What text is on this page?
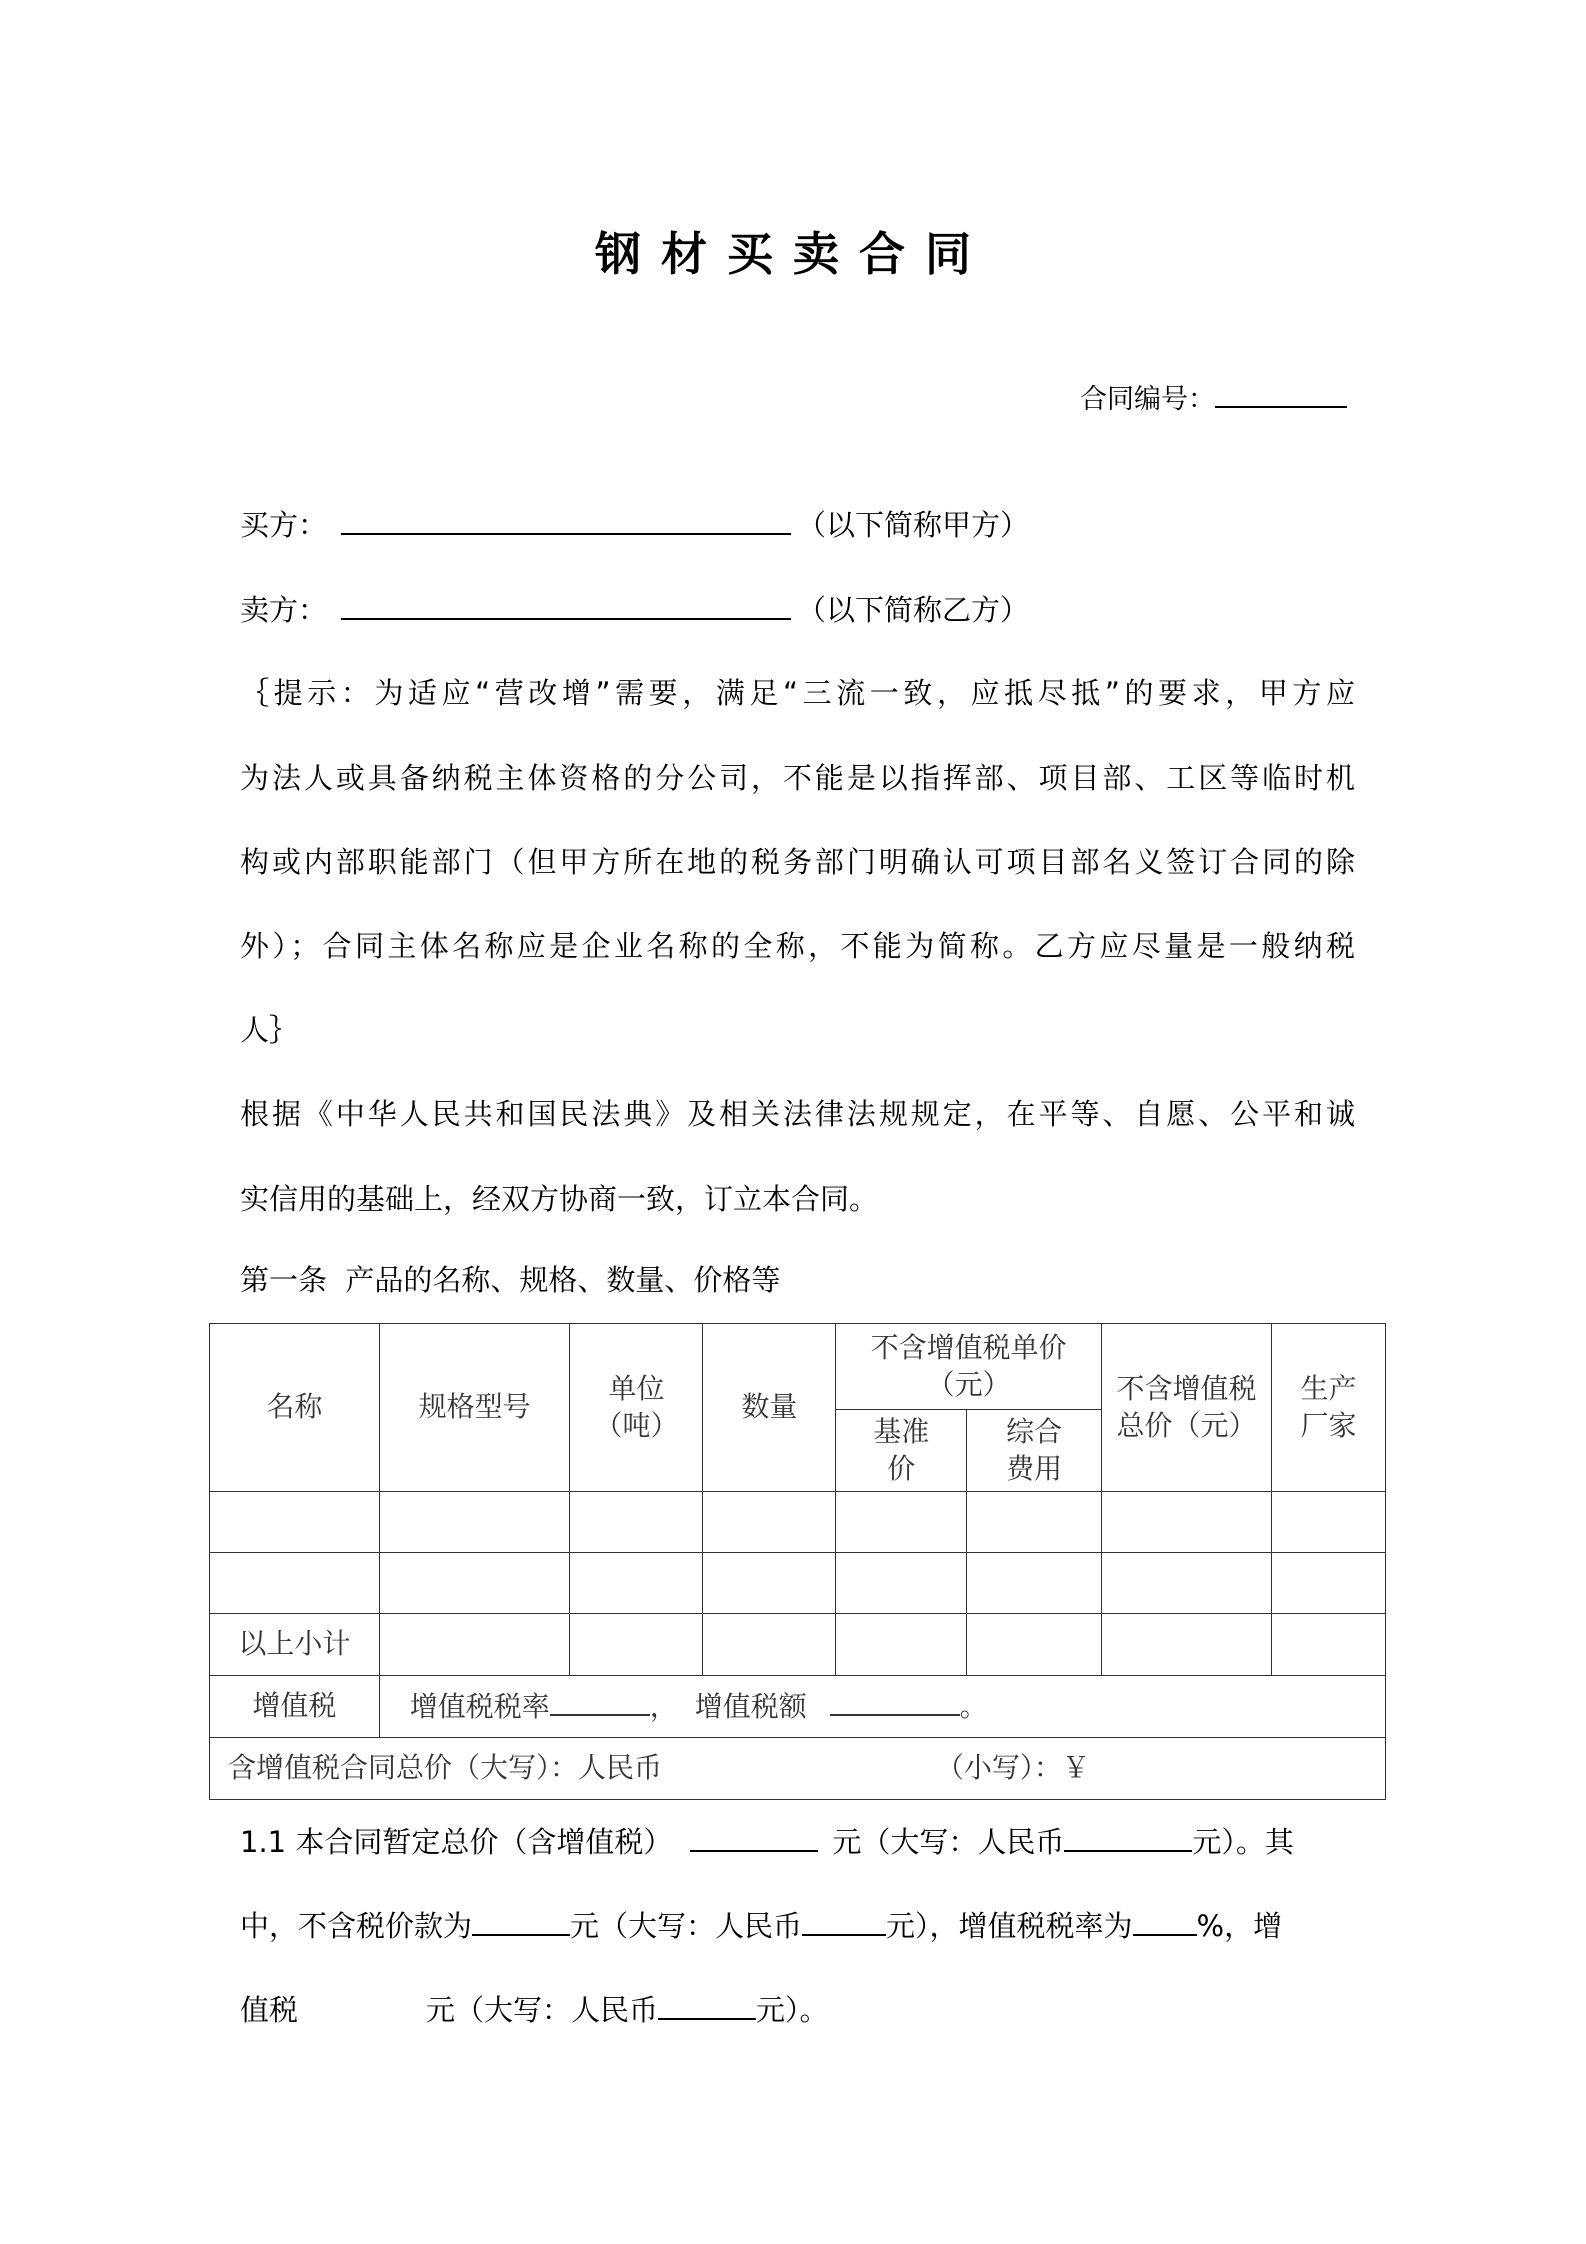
钢材买卖合同
合同编号：
买方：	（以下简称甲方）
卖方：	（以下简称乙方）
｛提示：为适应“营改增”需要，满足“三流一致，应抵尽抵”的要求，甲方应
为法人或具备纳税主体资格的分公司，不能是以指挥部、项目部、工区等临时机
构或内部职能部门（但甲方所在地的税务部门明确认可项目部名义签订合同的除
外）；合同主体名称应是企业名称的全称，不能为简称。乙方应尽量是一般纳税
人｝
根据《中华人民共和国民法典》及相关法律法规规定，在平等、自愿、公平和诚
实信用的基础上，经双方协商一致，订立本合同。
第一条  产品的名称、规格、数量、价格等
名称	规格型号	单位（吨）	数量	不含增值税单价（元）		不含增值税总价（元）	生产厂家
				基准价	综合费用		

以上小计							
增值税	增值税税率 ， 增值税额 。						
含增值税合同总价（大写）：人民币 （小写）：￥							
1.1 本合同暂定总价（含增值税）	元（大写：人民币	元）。其
中，不含税价款为	元（大写：人民币	元），增值税税率为 %，增
值税	元（大写：人民币	元）。
